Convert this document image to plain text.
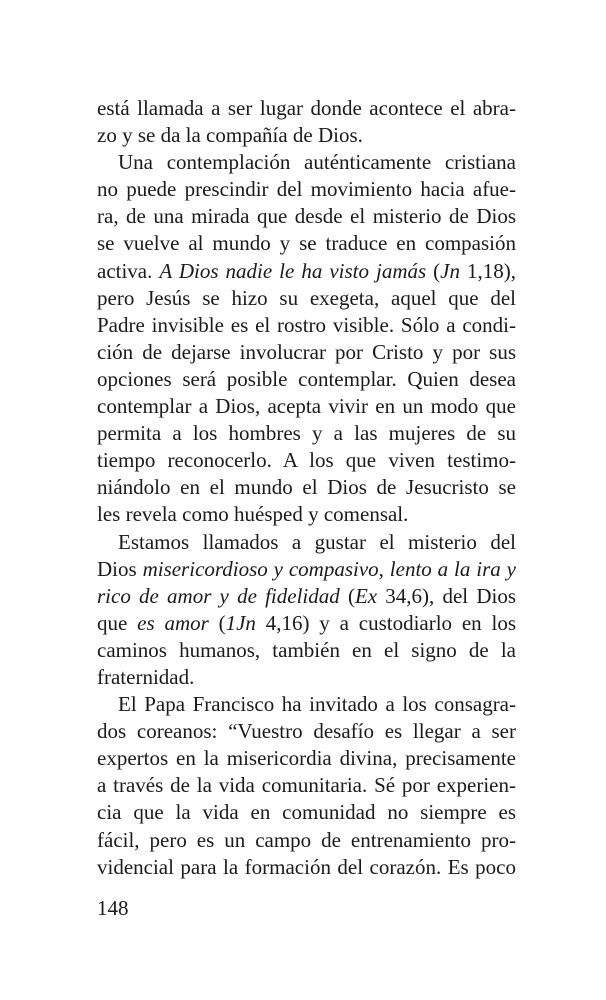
está llamada a ser lugar donde acontece el abra-
zo y se da la compañía de Dios.
Una contemplación auténticamente cristiana
no puede prescindir del movimiento hacia afue-
ra, de una mirada que desde el misterio de Dios
se vuelve al mundo y se traduce en compasión
activa. A Dios nadie le ha visto jamás (Jn 1,18),
pero Jesús se hizo su exegeta, aquel que del
Padre invisible es el rostro visible. Sólo a condi-
ción de dejarse involucrar por Cristo y por sus
opciones será posible contemplar. Quien desea
contemplar a Dios, acepta vivir en un modo que
permita a los hombres y a las mujeres de su
tiempo reconocerlo. A los que viven testimo-
niándolo en el mundo el Dios de Jesucristo se
les revela como huésped y comensal.
Estamos llamados a gustar el misterio del
Dios misericordioso y compasivo, lento a la ira y
rico de amor y de fidelidad (Ex 34,6), del Dios
que es amor (1Jn 4,16) y a custodiarlo en los
caminos humanos, también en el signo de la
fraternidad.
El Papa Francisco ha invitado a los consagra-
dos coreanos: “Vuestro desafío es llegar a ser
expertos en la misericordia divina, precisamente
a través de la vida comunitaria. Sé por experien-
cia que la vida en comunidad no siempre es
fácil, pero es un campo de entrenamiento pro-
videncial para la formación del corazón. Es poco
148
